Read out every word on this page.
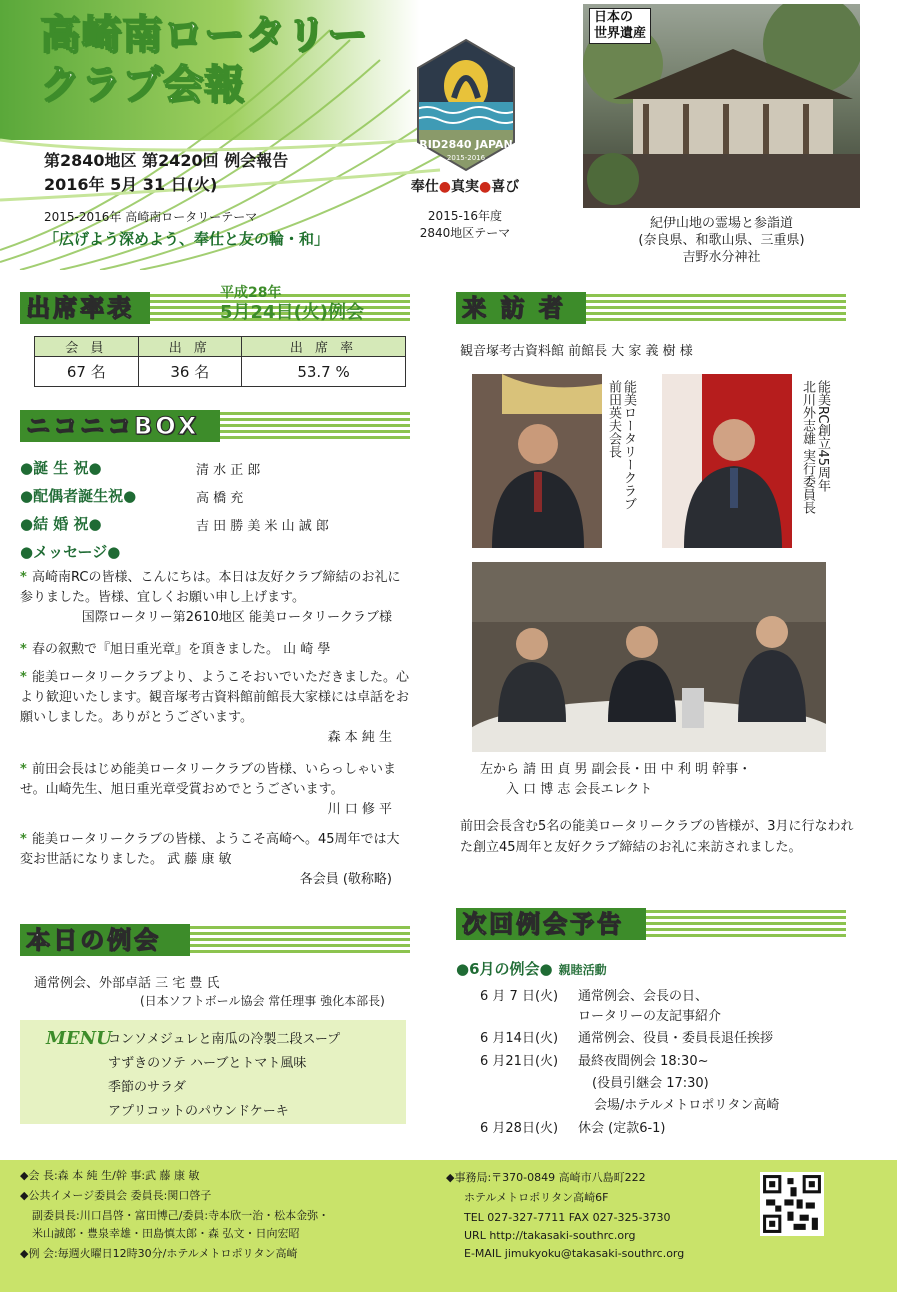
高崎南ロータリー
クラブ会報
第2840地区 第2420回 例会報告
2016年 5月 31 日(火)
2015-2016年 高崎南ロータリーテーマ
「広げよう深めよう、奉仕と友の輪・和」
RID2840 JAPAN
2015-2016
奉仕●真実●喜び
2015-16年度
2840地区テーマ
日本の
世界遺産
紀伊山地の霊場と参詣道
(奈良県、和歌山県、三重県)
吉野水分神社
出席率表
平成28年
5月24日(火)例会
会 員	出 席	出 席 率
67 名	36 名	53.7 %
ニコニコBOX
●誕 生 祝●	清 水 正 郎
●配偶者誕生祝●	高 橋 充
●結 婚 祝●	吉 田 勝 美 米 山 誠 郎
●メッセージ●
* 高崎南RCの皆様、こんにちは。本日は友好クラブ締結のお礼に参りました。皆様、宜しくお願い申し上げます。
国際ロータリー第2610地区 能美ロータリークラブ様
* 春の叙勲で『旭日重光章』を頂きました。 山 崎 學
* 能美ロータリークラブより、ようこそおいでいただきました。心より歓迎いたします。観音塚考古資料館前館長大家様には卓話をお願いしました。ありがとうございます。
森 本 純 生
* 前田会長はじめ能美ロータリークラブの皆様、いらっしゃいませ。山崎先生、旭日重光章受賞おめでとうございます。
川 口 修 平
* 能美ロータリークラブの皆様、ようこそ高崎へ。45周年では大変お世話になりました。 武 藤 康 敏
各会員 (敬称略)
本日の例会
通常例会、外部卓話 三 宅 豊 氏
(日本ソフトボール協会 常任理事 強化本部長)
MENU
コンソメジュレと南瓜の冷製二段スープ
すずきのソテ ハーブとトマト風味
季節のサラダ
アプリコットのパウンドケーキ
来 訪 者
観音塚考古資料館 前館長 大 家 義 樹 様
能美ロータリークラブ
前田英夫会長	能美RC創立45周年
北川外志雄 実行委員長
左から 請 田 貞 男 副会長・田 中 利 明 幹事・
入 口 博 志 会長エレクト
前田会長含む5名の能美ロータリークラブの皆様が、3月に行なわれた創立45周年と友好クラブ締結のお礼に来訪されました。
次回例会予告
●6月の例会● 親睦活動
6 月 7 日(火) 通常例会、会長の日、
ロータリーの友記事紹介
6 月14日(火) 通常例会、役員・委員長退任挨拶
6 月21日(火) 最終夜間例会 18:30~
(役員引継会 17:30)
会場/ホテルメトロポリタン高崎
6 月28日(火) 休会 (定款6-1)
◆会 長:森 本 純 生/幹 事:武 藤 康 敏
◆公共イメージ委員会 委員長:関口啓子
副委員長:川口昌啓・富田博己/委員:寺本欣一治・松本金弥・
米山誠郎・豊泉幸雄・田島慎太郎・森 弘文・日向宏昭
◆例 会:毎週火曜日12時30分/ホテルメトロポリタン高崎
◆事務局:〒370-0849 高崎市八島町222
ホテルメトロポリタン高崎6F
TEL 027-327-7711 FAX 027-325-3730
URL http://takasaki-southrc.org
E-MAIL jimukyoku@takasaki-southrc.org
